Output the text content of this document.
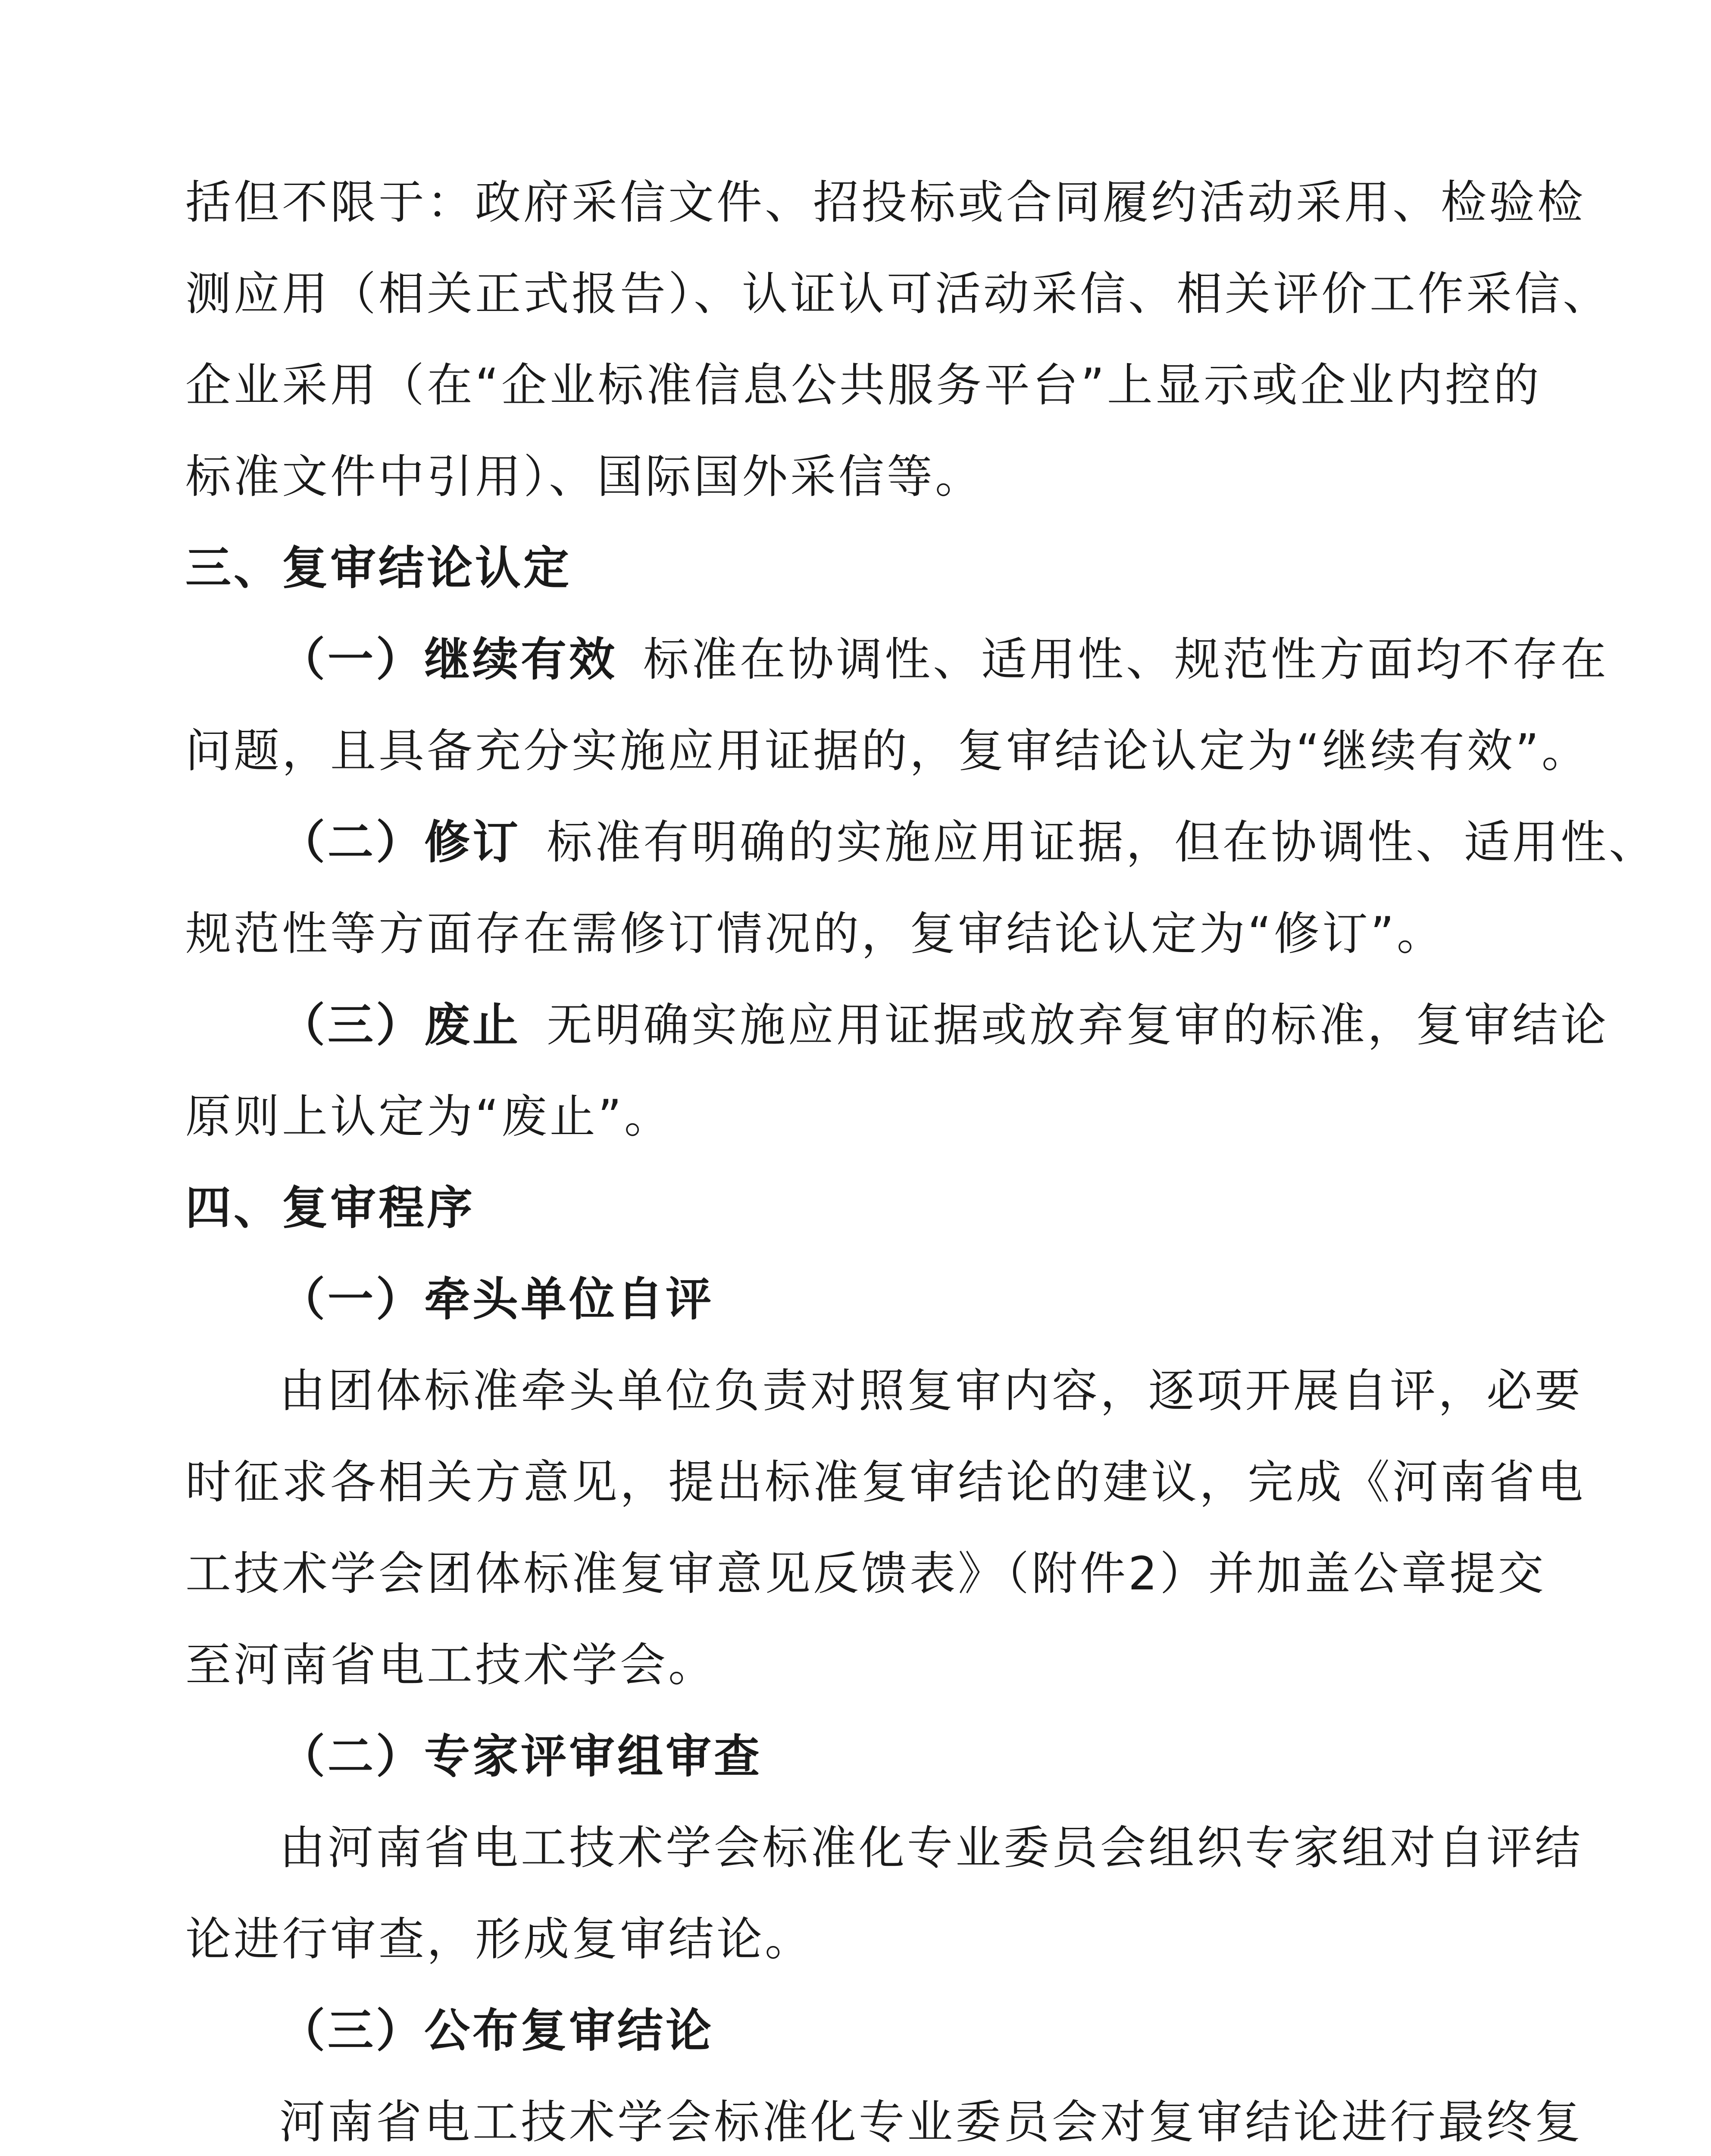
括但不限于：政府采信文件、招投标或合同履约活动采用、检验检
测应用（相关正式报告）、认证认可活动采信、相关评价工作采信、
企业采用（在“企业标准信息公共服务平台”上显示或企业内控的
标准文件中引用）、国际国外采信等。
三、复审结论认定
（一）继续有效 标准在协调性、适用性、规范性方面均不存在
问题，且具备充分实施应用证据的，复审结论认定为“继续有效”。
（二）修订 标准有明确的实施应用证据，但在协调性、适用性、
规范性等方面存在需修订情况的，复审结论认定为“修订”。
（三）废止 无明确实施应用证据或放弃复审的标准，复审结论
原则上认定为“废止”。
四、复审程序
（一）牵头单位自评
由团体标准牵头单位负责对照复审内容，逐项开展自评，必要
时征求各相关方意见，提出标准复审结论的建议，完成《河南省电
工技术学会团体标准复审意见反馈表》（附件2）并加盖公章提交
至河南省电工技术学会。
（二）专家评审组审查
由河南省电工技术学会标准化专业委员会组织专家组对自评结
论进行审查，形成复审结论。
（三）公布复审结论
河南省电工技术学会标准化专业委员会对复审结论进行最终复
